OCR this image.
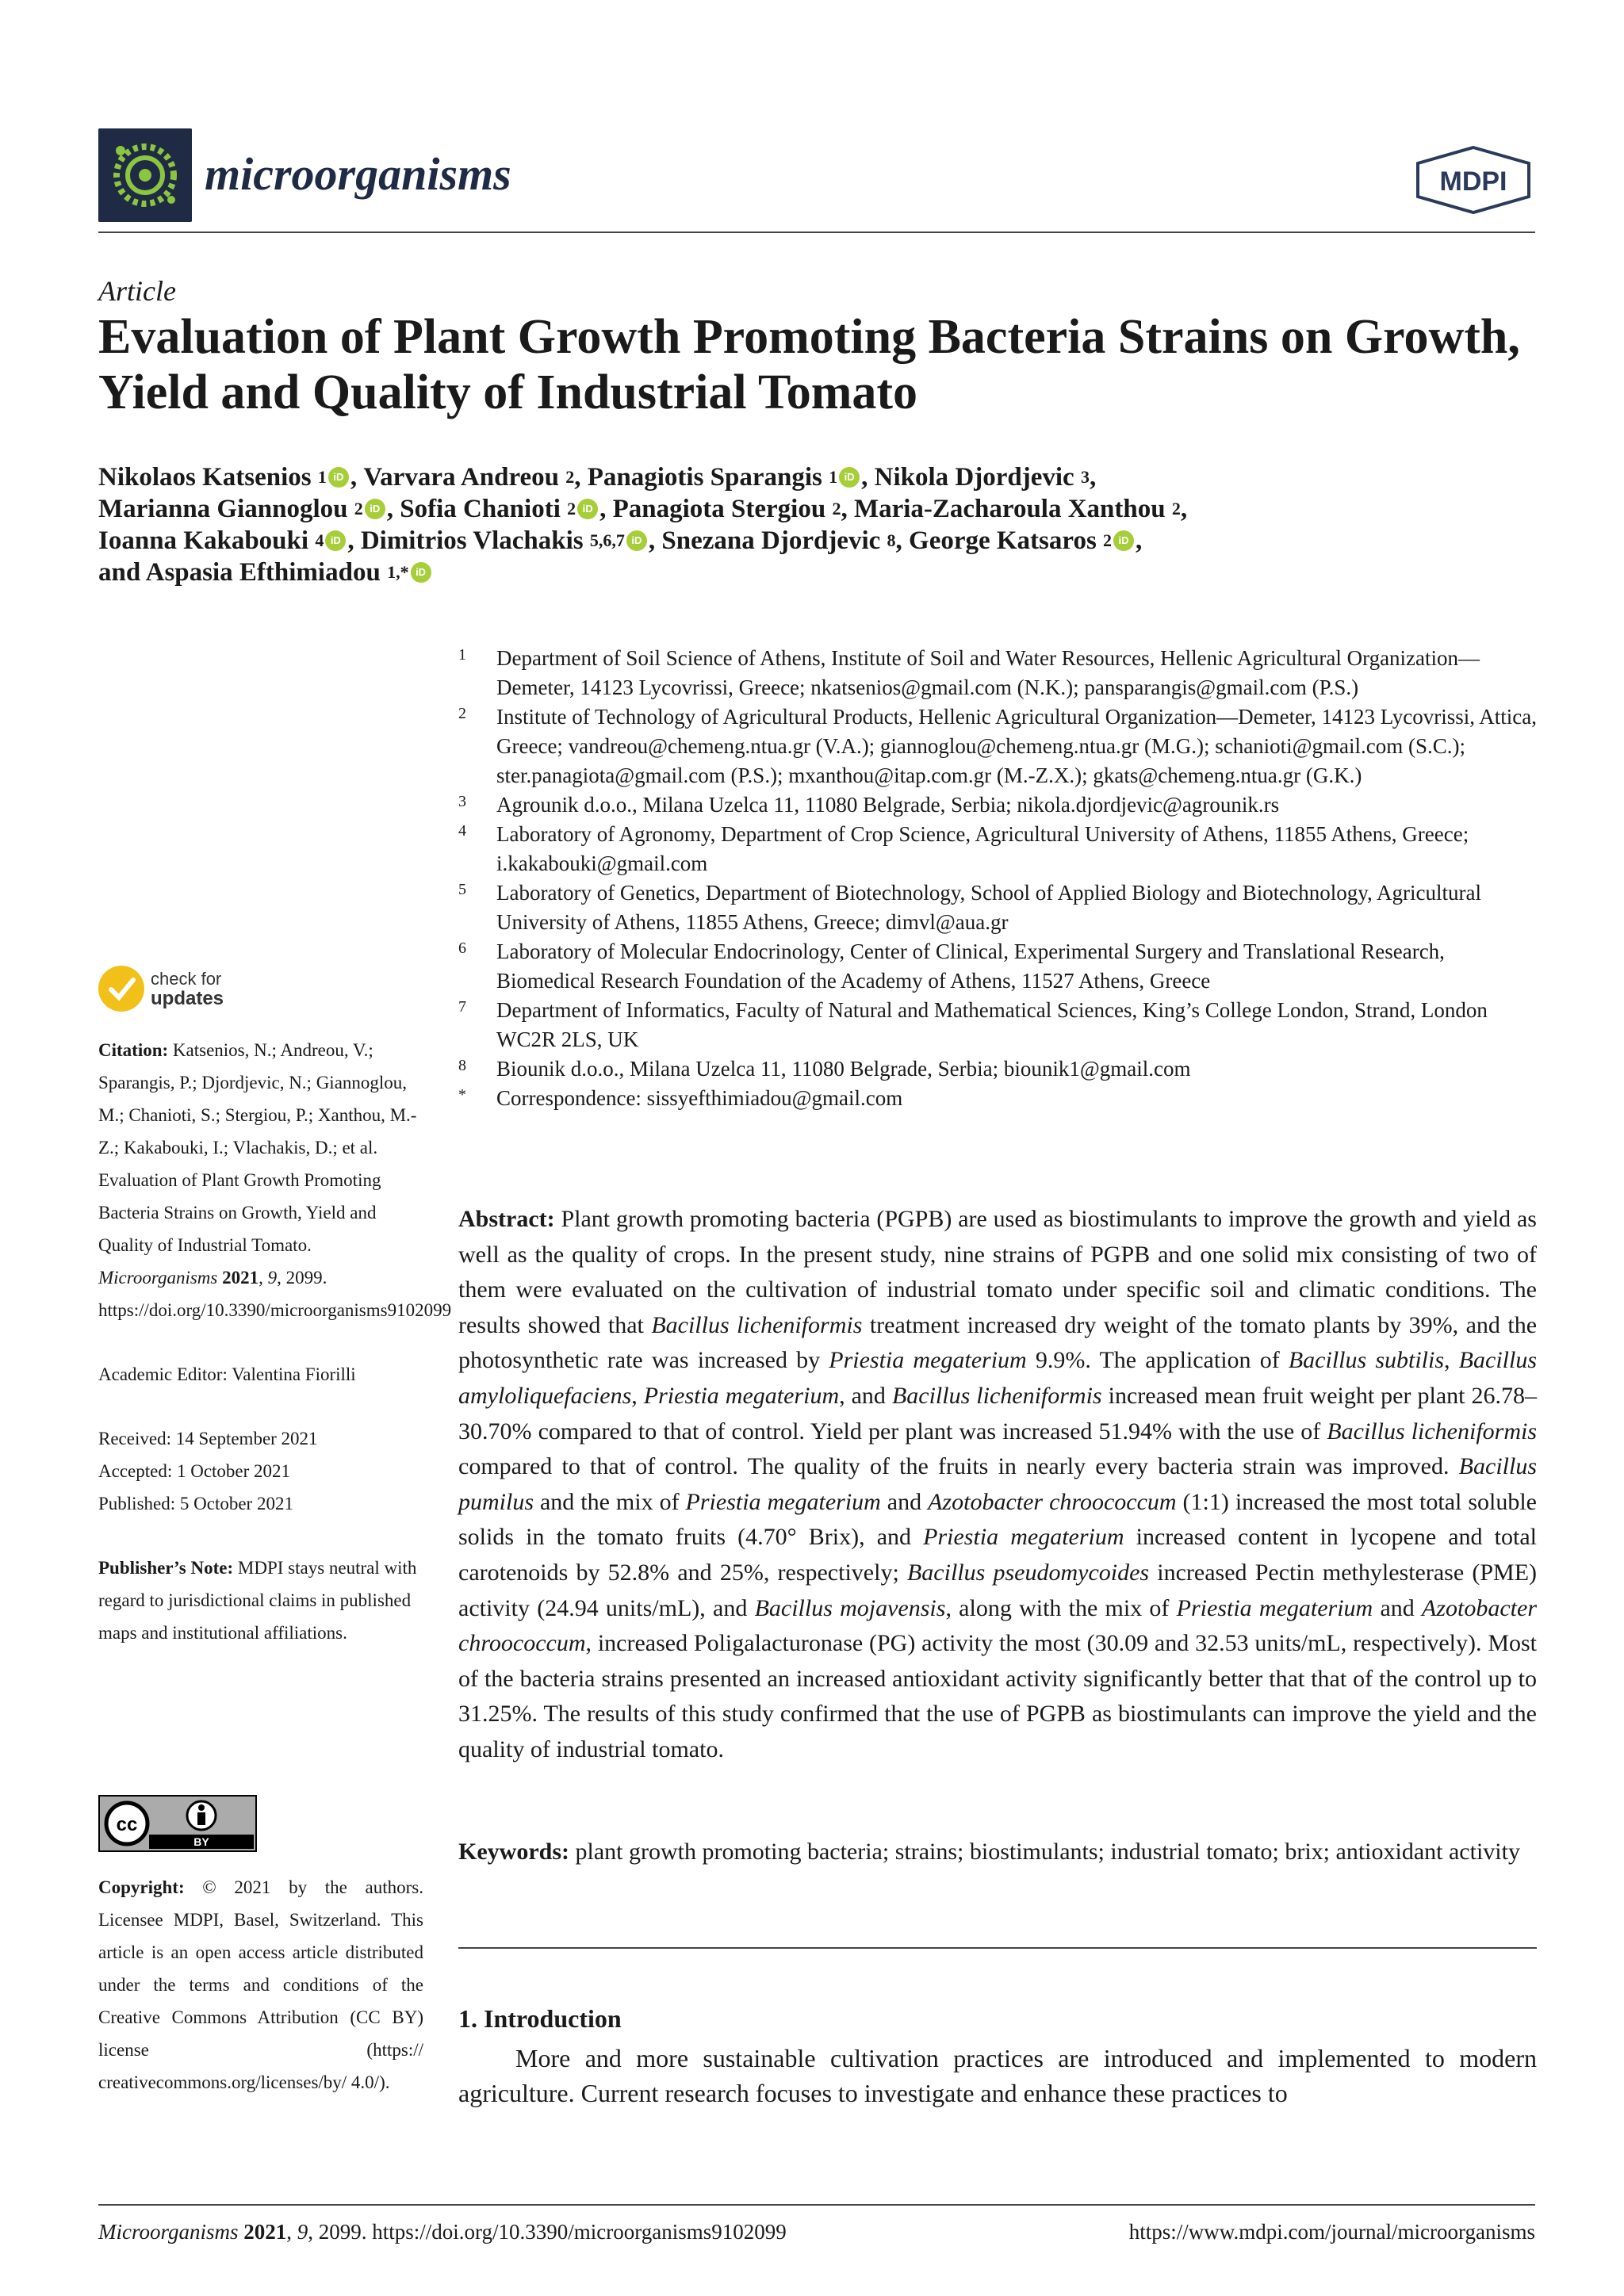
microorganisms	MDPI
Article
Evaluation of Plant Growth Promoting Bacteria Strains on Growth, Yield and Quality of Industrial Tomato
Nikolaos Katsenios 1 iD , Varvara Andreou 2 , Panagiotis Sparangis 1 iD , Nikola Djordjevic 3 ,
Marianna Giannoglou 2 iD , Sofia Chanioti 2 iD , Panagiota Stergiou 2 , Maria-Zacharoula Xanthou 2 ,
Ioanna Kakabouki 4 iD , Dimitrios Vlachakis 5,6,7 iD , Snezana Djordjevic 8 , George Katsaros 2 iD ,
and Aspasia Efthimiadou 1,* iD
1	Department of Soil Science of Athens, Institute of Soil and Water Resources, Hellenic Agricultural Organization—Demeter, 14123 Lycovrissi, Greece; nkatsenios@gmail.com (N.K.); pansparangis@gmail.com (P.S.)
2	Institute of Technology of Agricultural Products, Hellenic Agricultural Organization—Demeter, 14123 Lycovrissi, Attica, Greece; vandreou@chemeng.ntua.gr (V.A.); giannoglou@chemeng.ntua.gr (M.G.); schanioti@gmail.com (S.C.); ster.panagiota@gmail.com (P.S.); mxanthou@itap.com.gr (M.-Z.X.); gkats@chemeng.ntua.gr (G.K.)
3	Agrounik d.o.o., Milana Uzelca 11, 11080 Belgrade, Serbia; nikola.djordjevic@agrounik.rs
4	Laboratory of Agronomy, Department of Crop Science, Agricultural University of Athens, 11855 Athens, Greece; i.kakabouki@gmail.com
5	Laboratory of Genetics, Department of Biotechnology, School of Applied Biology and Biotechnology, Agricultural University of Athens, 11855 Athens, Greece; dimvl@aua.gr
6	Laboratory of Molecular Endocrinology, Center of Clinical, Experimental Surgery and Translational Research, Biomedical Research Foundation of the Academy of Athens, 11527 Athens, Greece
7	Department of Informatics, Faculty of Natural and Mathematical Sciences, King’s College London, Strand, London WC2R 2LS, UK
8	Biounik d.o.o., Milana Uzelca 11, 11080 Belgrade, Serbia; biounik1@gmail.com
*	Correspondence: sissyefthimiadou@gmail.com
check for
updates

Citation: Katsenios, N.; Andreou, V.; Sparangis, P.; Djordjevic, N.; Giannoglou, M.; Chanioti, S.; Stergiou, P.; Xanthou, M.-Z.; Kakabouki, I.; Vlachakis, D.; et al. Evaluation of Plant Growth Promoting Bacteria Strains on Growth, Yield and Quality of Industrial Tomato. Microorganisms 2021, 9, 2099. https://doi.org/10.3390/microorganisms9102099

Academic Editor: Valentina Fiorilli

Received: 14 September 2021
Accepted: 1 October 2021
Published: 5 October 2021

Publisher’s Note: MDPI stays neutral with regard to jurisdictional claims in published maps and institutional affiliations.

cc
BY
Copyright: © 2021 by the authors. Licensee MDPI, Basel, Switzerland. This article is an open access article distributed under the terms and conditions of the Creative Commons Attribution (CC BY) license (https:// creativecommons.org/licenses/by/ 4.0/).
Abstract: Plant growth promoting bacteria (PGPB) are used as biostimulants to improve the growth and yield as well as the quality of crops. In the present study, nine strains of PGPB and one solid mix consisting of two of them were evaluated on the cultivation of industrial tomato under specific soil and climatic conditions. The results showed that Bacillus licheniformis treatment increased dry weight of the tomato plants by 39%, and the photosynthetic rate was increased by Priestia megaterium 9.9%. The application of Bacillus subtilis, Bacillus amyloliquefaciens, Priestia megaterium, and Bacillus licheniformis increased mean fruit weight per plant 26.78–30.70% compared to that of control. Yield per plant was increased 51.94% with the use of Bacillus licheniformis compared to that of control. The quality of the fruits in nearly every bacteria strain was improved. Bacillus pumilus and the mix of Priestia megaterium and Azotobacter chroococcum (1:1) increased the most total soluble solids in the tomato fruits (4.70° Brix), and Priestia megaterium increased content in lycopene and total carotenoids by 52.8% and 25%, respectively; Bacillus pseudomycoides increased Pectin methylesterase (PME) activity (24.94 units/mL), and Bacillus mojavensis, along with the mix of Priestia megaterium and Azotobacter chroococcum, increased Poligalacturonase (PG) activity the most (30.09 and 32.53 units/mL, respectively). Most of the bacteria strains presented an increased antioxidant activity significantly better that that of the control up to 31.25%. The results of this study confirmed that the use of PGPB as biostimulants can improve the yield and the quality of industrial tomato.
Keywords: plant growth promoting bacteria; strains; biostimulants; industrial tomato; brix; antioxidant activity
1. Introduction
More and more sustainable cultivation practices are introduced and implemented to modern agriculture. Current research focuses to investigate and enhance these practices to
Microorganisms 2021, 9, 2099. https://doi.org/10.3390/microorganisms9102099	https://www.mdpi.com/journal/microorganisms
